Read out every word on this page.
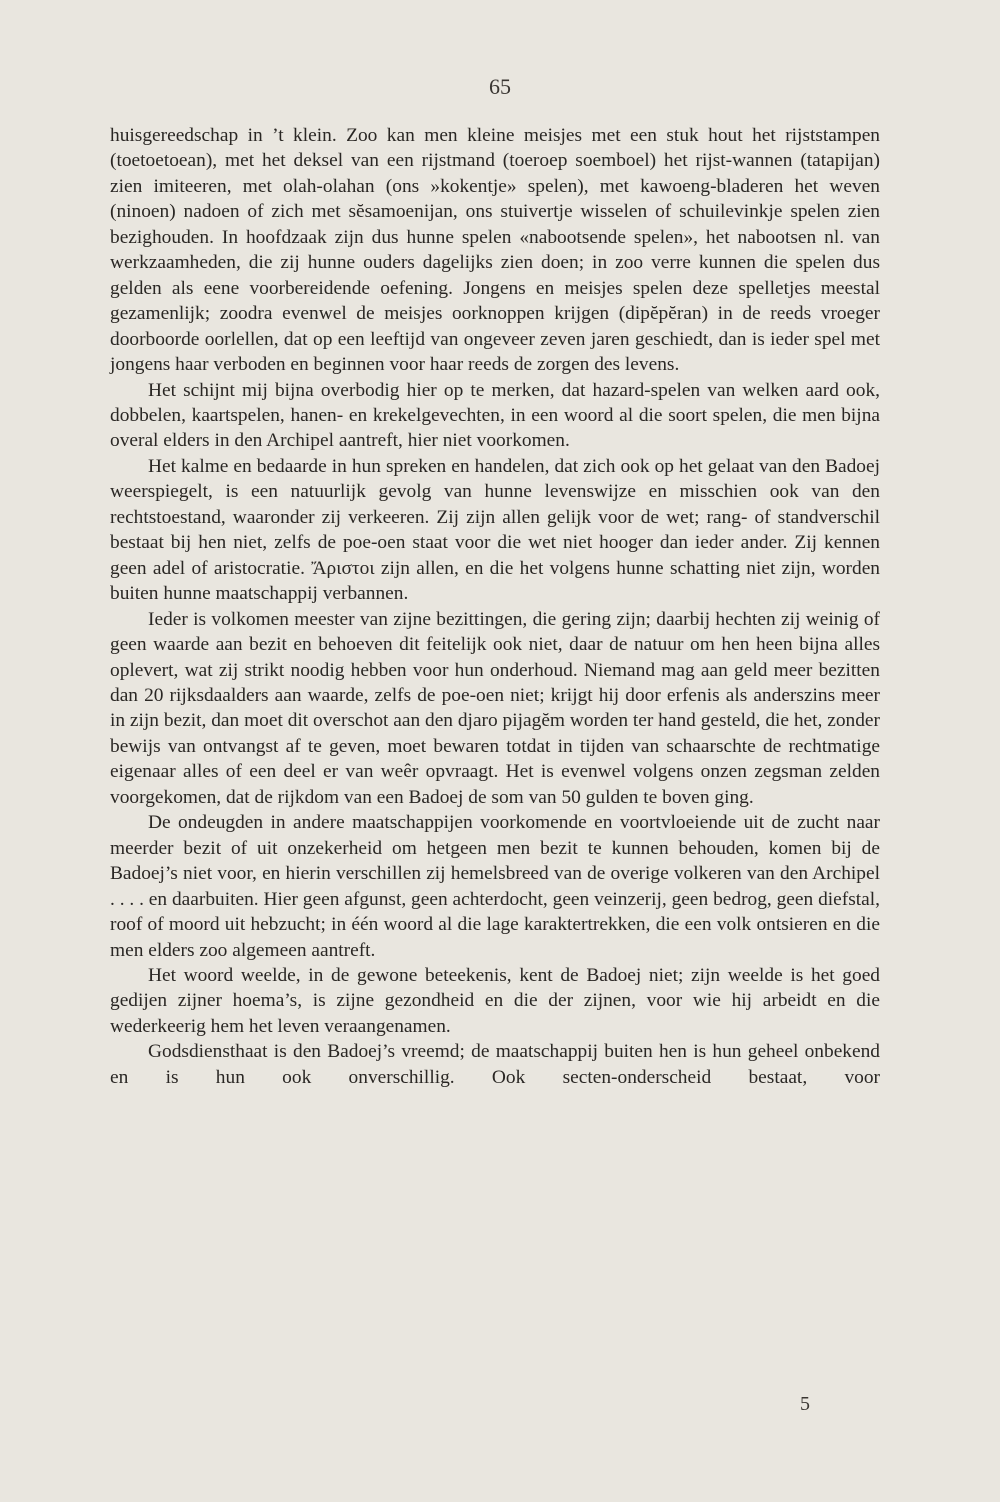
65

huisgereedschap in ’t klein. Zoo kan men kleine meisjes met een stuk hout het rijststampen (toetoetoean), met het deksel van een rijstmand (toeroep soemboel) het rijst-wannen (tatapijan) zien imiteeren, met olah-olahan (ons »kokentje» spelen), met kawoeng-bladeren het weven (ninoen) nadoen of zich met sĕsamoenijan, ons stuivertje wisselen of schuilevinkje spelen zien bezighouden. In hoofdzaak zijn dus hunne spelen «nabootsende spelen», het nabootsen nl. van werkzaamheden, die zij hunne ouders dagelijks zien doen; in zoo verre kunnen die spelen dus gelden als eene voorbereidende oefening. Jongens en meisjes spelen deze spelletjes meestal gezamenlijk; zoodra evenwel de meisjes oorknoppen krijgen (dipĕpĕran) in de reeds vroeger doorboorde oorlellen, dat op een leeftijd van ongeveer zeven jaren geschiedt, dan is ieder spel met jongens haar verboden en beginnen voor haar reeds de zorgen des levens.

Het schijnt mij bijna overbodig hier op te merken, dat hazard-spelen van welken aard ook, dobbelen, kaartspelen, hanen- en krekelgevechten, in een woord al die soort spelen, die men bijna overal elders in den Archipel aantreft, hier niet voorkomen.

Het kalme en bedaarde in hun spreken en handelen, dat zich ook op het gelaat van den Badoej weerspiegelt, is een natuurlijk gevolg van hunne levenswijze en misschien ook van den rechtstoestand, waaronder zij verkeeren. Zij zijn allen gelijk voor de wet; rang- of standverschil bestaat bij hen niet, zelfs de poe-oen staat voor die wet niet hooger dan ieder ander. Zij kennen geen adel of aristocratie. Ἄριστοι zijn allen, en die het volgens hunne schatting niet zijn, worden buiten hunne maatschappij verbannen.

Ieder is volkomen meester van zijne bezittingen, die gering zijn; daarbij hechten zij weinig of geen waarde aan bezit en behoeven dit feitelijk ook niet, daar de natuur om hen heen bijna alles oplevert, wat zij strikt noodig hebben voor hun onderhoud. Niemand mag aan geld meer bezitten dan 20 rijksdaalders aan waarde, zelfs de poe-oen niet; krijgt hij door erfenis als anderszins meer in zijn bezit, dan moet dit overschot aan den djaro pijagĕm worden ter hand gesteld, die het, zonder bewijs van ontvangst af te geven, moet bewaren totdat in tijden van schaarschte de rechtmatige eigenaar alles of een deel er van weêr opvraagt. Het is evenwel volgens onzen zegsman zelden voorgekomen, dat de rijkdom van een Badoej de som van 50 gulden te boven ging.

De ondeugden in andere maatschappijen voorkomende en voortvloeiende uit de zucht naar meerder bezit of uit onzekerheid om hetgeen men bezit te kunnen behouden, komen bij de Badoej’s niet voor, en hierin verschillen zij hemelsbreed van de overige volkeren van den Archipel . . . . en daarbuiten. Hier geen afgunst, geen achterdocht, geen veinzerij, geen bedrog, geen diefstal, roof of moord uit hebzucht; in één woord al die lage karaktertrekken, die een volk ontsieren en die men elders zoo algemeen aantreft.

Het woord weelde, in de gewone beteekenis, kent de Badoej niet; zijn weelde is het goed gedijen zijner hoema’s, is zijne gezondheid en die der zijnen, voor wie hij arbeidt en die wederkeerig hem het leven veraangenamen.

Godsdiensthaat is den Badoej’s vreemd; de maatschappij buiten hen is hun geheel onbekend en is hun ook onverschillig. Ook secten-onderscheid bestaat, voor

5
